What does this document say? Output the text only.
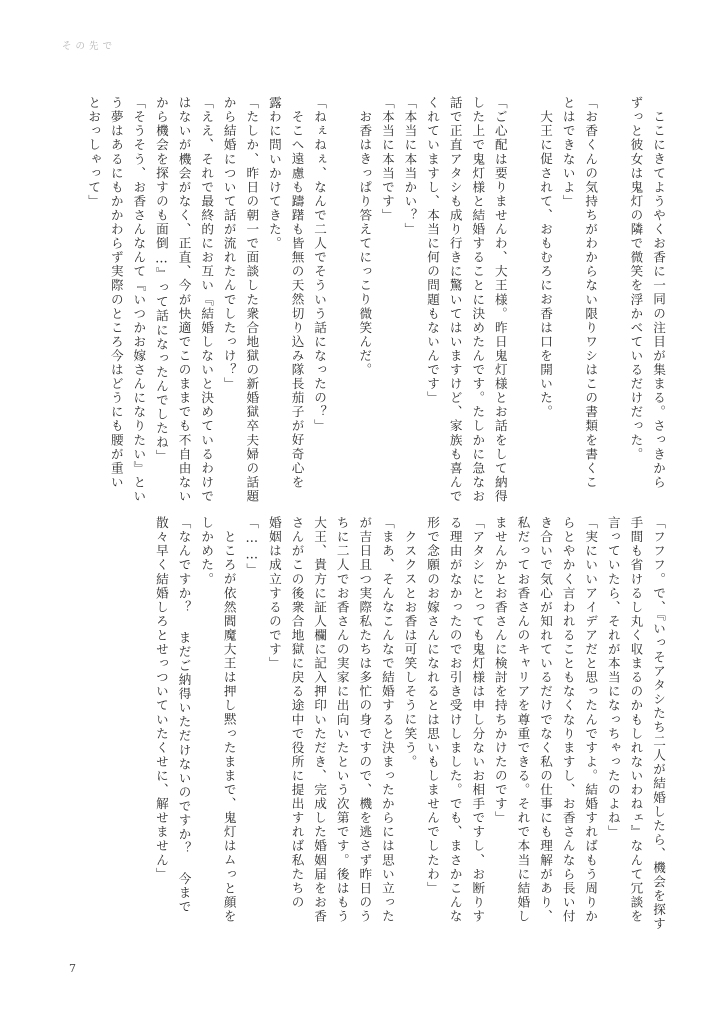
その先で
ここにきてようやくお香に一同の注目が集まる。さっきから
ずっと彼女は鬼灯の隣で微笑を浮かべているだけだった。
「お香くんの気持ちがわからない限りワシはこの書類を書くこ
とはできないよ」
大王に促されて、おもむろにお香は口を開いた。
「ご心配は要りませんわ、大王様。昨日鬼灯様とお話をして納得
した上で鬼灯様と結婚することに決めたんです。たしかに急なお
話で正直アタシも成り行きに驚いてはいますけど、家族も喜んで
くれていますし、本当に何の問題もないんです」
「本当に本当かい？」
「本当に本当です」
お香はきっぱり答えてにっこり微笑んだ。
「ねぇねぇ、なんで二人でそういう話になったの？」
そこへ遠慮も躊躇も皆無の天然切り込み隊長茄子が好奇心を
露わに問いかけてきた。
「たしか、昨日の朝一で面談した衆合地獄の新婚獄卒夫婦の話題
から結婚について話が流れたんでしたっけ？」
「ええ、それで最終的にお互い『結婚しないと決めているわけで
はないが機会がなく、正直、今が快適でこのままでも不自由ない
から機会を探すのも面倒…』って話になったんでしたね」
「そうそう、お香さんなんて『いつかお嫁さんになりたい』とい
う夢はあるにもかかわらず実際のところ今はどうにも腰が重い
とおっしゃって」
「フフフ。で、『いっそアタシたち二人が結婚したら、機会を探す
手間も省けるし丸く収まるのかもしれないわねェ』なんて冗談を
言っていたら、それが本当になっちゃったのよね」
「実にいいアイデアだと思ったんですよ。結婚すればもう周りか
らとやかく言われることもなくなりますし、お香さんなら長い付
き合いで気心が知れているだけでなく私の仕事にも理解があり、
私だってお香さんのキャリアを尊重できる。それで本当に結婚し
ませんかとお香さんに検討を持ちかけたのです」
「アタシにとっても鬼灯様は申し分ないお相手ですし、お断りす
る理由がなかったのでお引き受けしました。でも、まさかこんな
形で念願のお嫁さんになれるとは思いもしませんでしたわ」
クスクスとお香は可笑しそうに笑う。
「まあ、そんなこんなで結婚すると決まったからには思い立った
が吉日且つ実際私たちは多忙の身ですので、機を逃さず昨日のう
ちに二人でお香さんの実家に出向いたという次第です。後はもう
大王、貴方に証人欄に記入押印いただき、完成した婚姻届をお香
さんがこの後衆合地獄に戻る途中で役所に提出すれば私たちの
婚姻は成立するのです」
「……」
ところが依然閻魔大王は押し黙ったままで、鬼灯はムっと顔を
しかめた。
「なんですか？ まだご納得いただけないのですか？ 今まで
散々早く結婚しろとせっついていたくせに、解せません」
7
